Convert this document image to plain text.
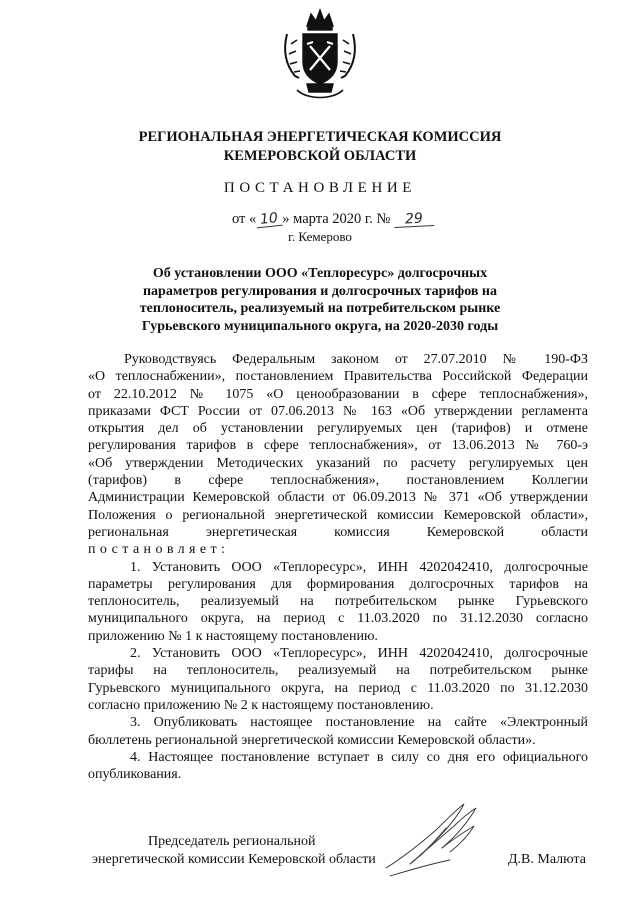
РЕГИОНАЛЬНАЯ ЭНЕРГЕТИЧЕСКАЯ КОМИССИЯ
КЕМЕРОВСКОЙ ОБЛАСТИ
ПОСТАНОВЛЕНИЕ
от « 10 » марта 2020 г. № 29
г. Кемерово
Об установлении ООО «Теплоресурс» долгосрочных
параметров регулирования и долгосрочных тарифов на
теплоноситель, реализуемый на потребительском рынке
Гурьевского муниципального округа, на 2020-2030 годы
Руководствуясь Федеральным законом от 27.07.2010 № 190-ФЗ
«О теплоснабжении», постановлением Правительства Российской Федерации
от 22.10.2012 № 1075 «О ценообразовании в сфере теплоснабжения»,
приказами ФСТ России от 07.06.2013 № 163 «Об утверждении регламента
открытия дел об установлении регулируемых цен (тарифов) и отмене
регулирования тарифов в сфере теплоснабжения», от 13.06.2013 № 760-э
«Об утверждении Методических указаний по расчету регулируемых цен
(тарифов) в сфере теплоснабжения», постановлением Коллегии
Администрации Кемеровской области от 06.09.2013 № 371 «Об утверждении
Положения о региональной энергетической комиссии Кемеровской области»,
региональная энергетическая комиссия Кемеровской области
постановляет:
1. Установить ООО «Теплоресурс», ИНН 4202042410, долгосрочные
параметры регулирования для формирования долгосрочных тарифов на
теплоноситель, реализуемый на потребительском рынке Гурьевского
муниципального округа, на период с 11.03.2020 по 31.12.2030 согласно
приложению № 1 к настоящему постановлению.
2. Установить ООО «Теплоресурс», ИНН 4202042410, долгосрочные
тарифы на теплоноситель, реализуемый на потребительском рынке
Гурьевского муниципального округа, на период с 11.03.2020 по 31.12.2030
согласно приложению № 2 к настоящему постановлению.
3. Опубликовать настоящее постановление на сайте «Электронный
бюллетень региональной энергетической комиссии Кемеровской области».
4. Настоящее постановление вступает в силу со дня его официального
опубликования.
Председатель региональной
энергетической комиссии Кемеровской области	Д.В. Малюта
